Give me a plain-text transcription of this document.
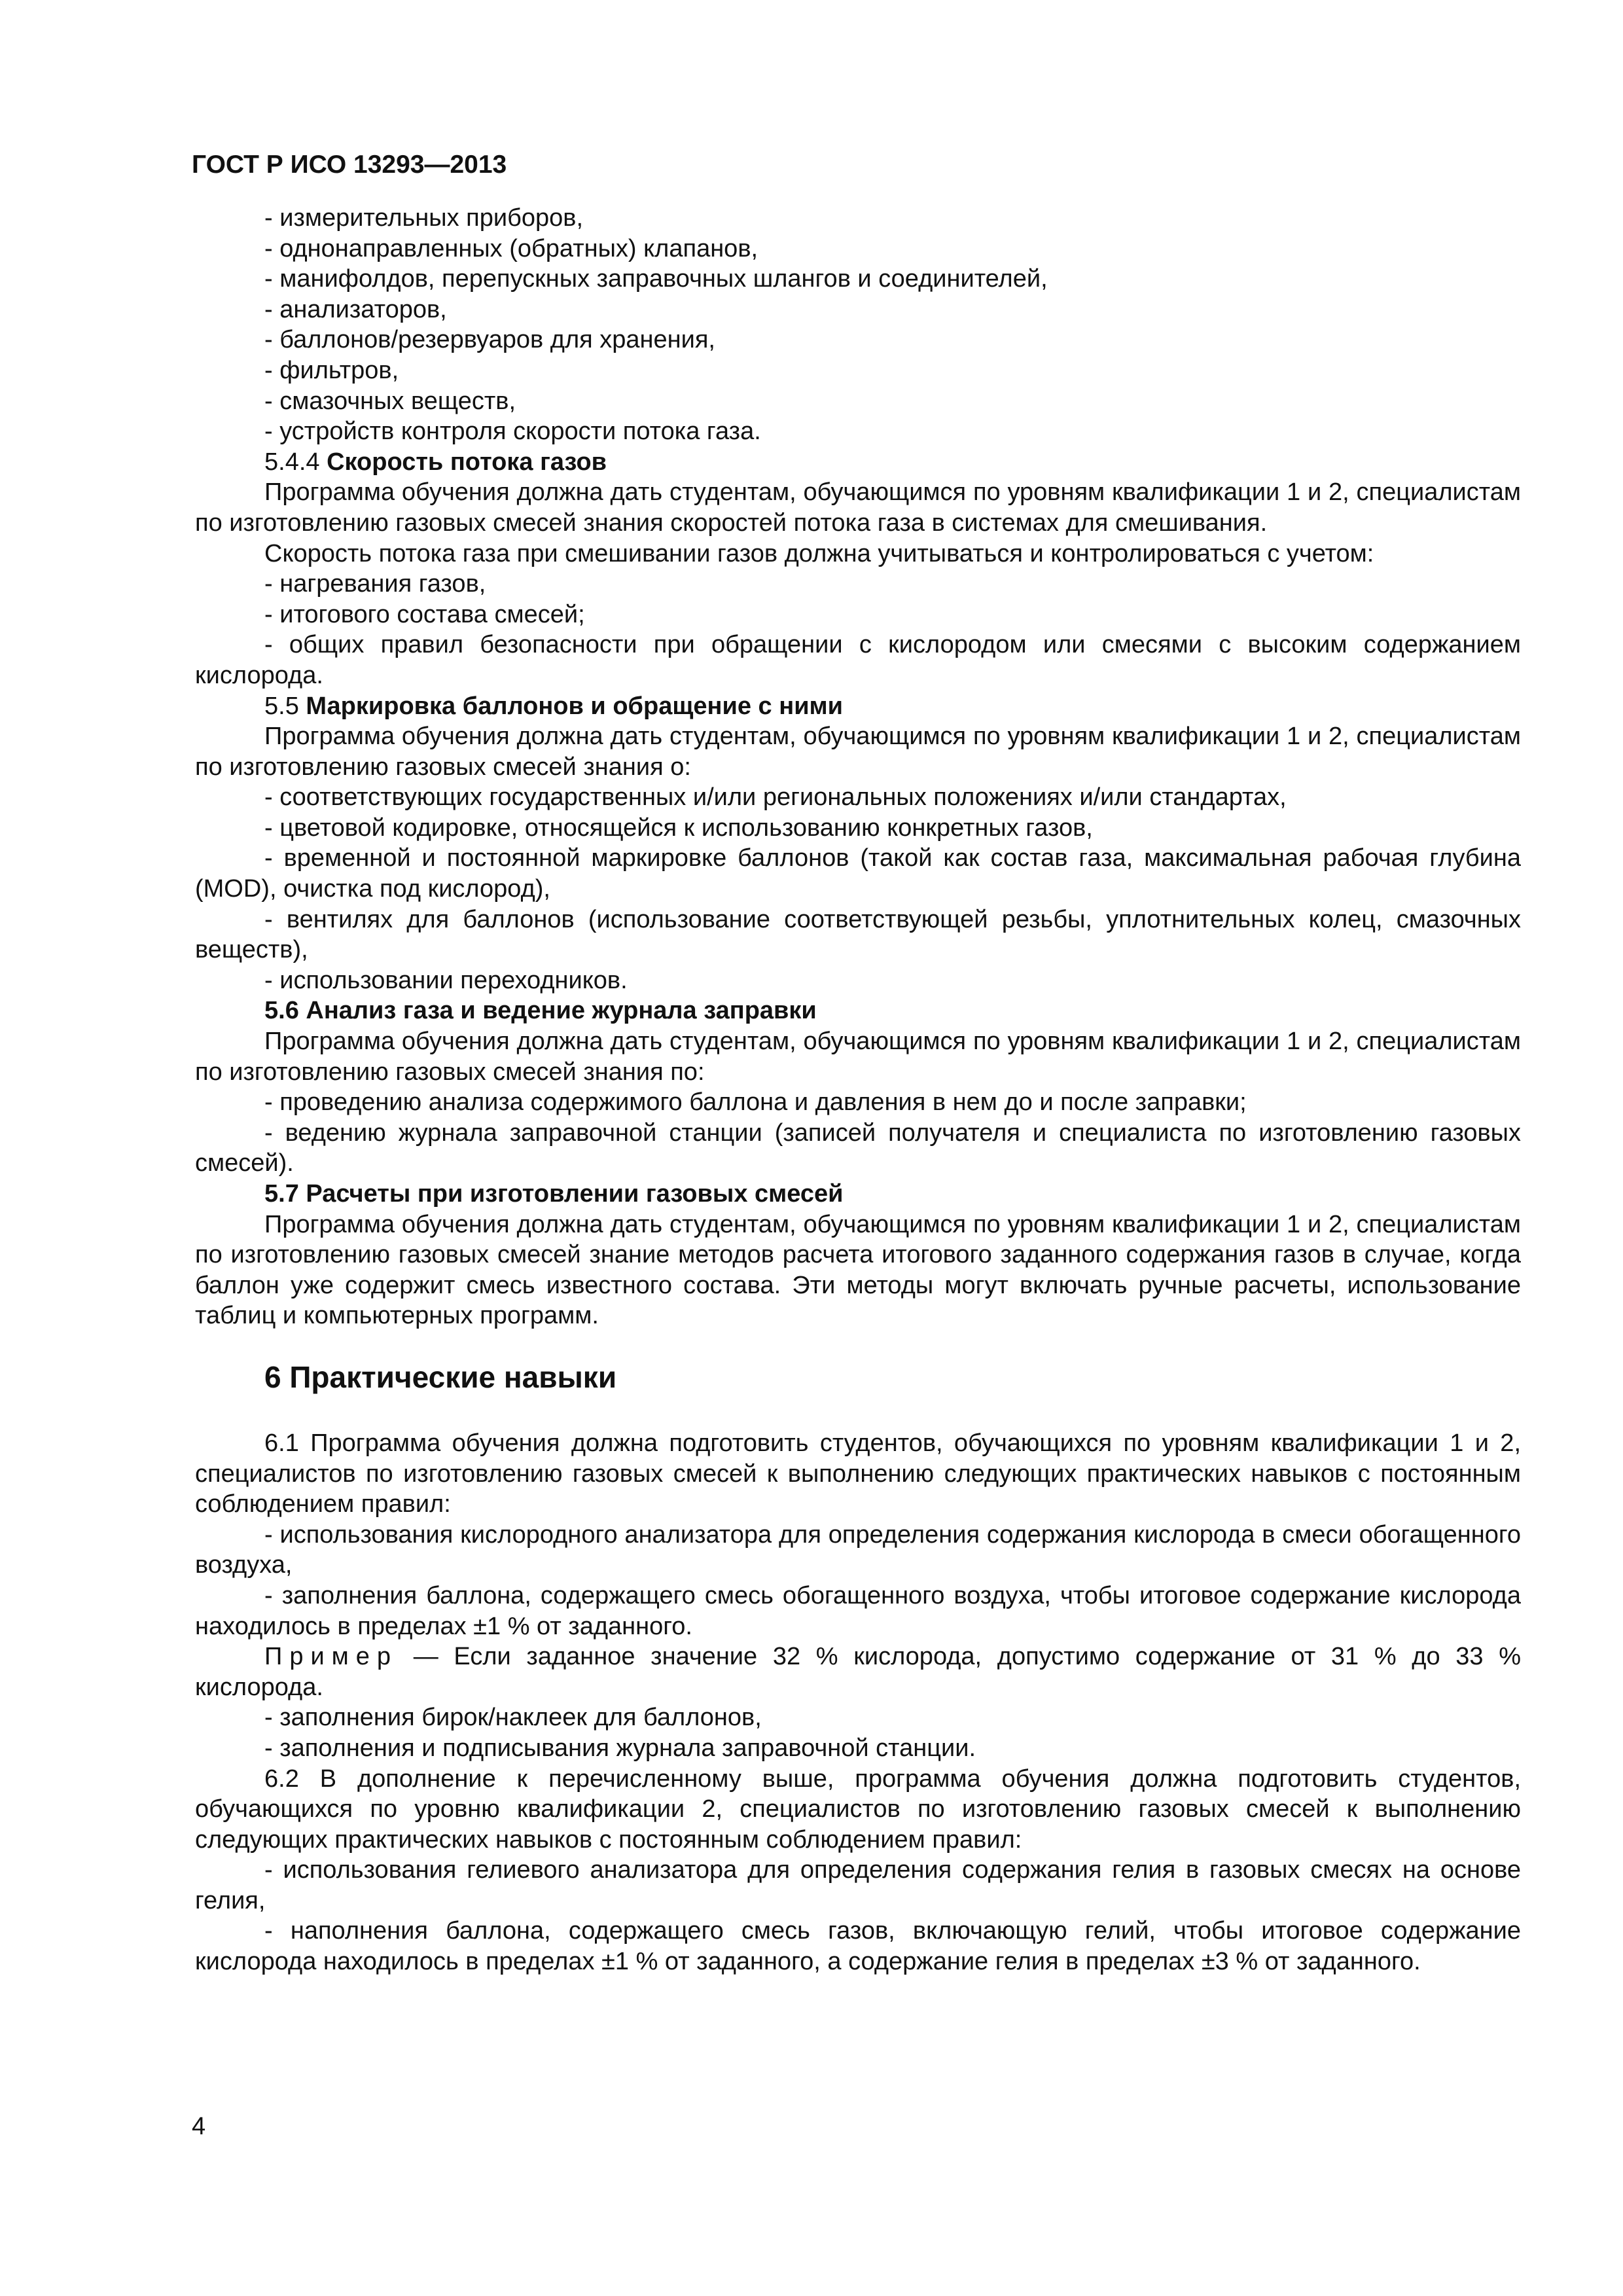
ГОСТ Р ИСО 13293—2013

- измерительных приборов,

- однонаправленных (обратных) клапанов,

- манифолдов, перепускных заправочных шлангов и соединителей,

- анализаторов,

- баллонов/резервуаров для хранения,

- фильтров,

- смазочных веществ,

- устройств контроля скорости потока газа.

5.4.4 Скорость потока газов

Программа обучения должна дать студентам, обучающимся по уровням квалификации 1 и 2, специалистам по изготовлению газовых смесей знания скоростей потока газа в системах для смешивания.

Скорость потока газа при смешивании газов должна учитываться и контролироваться с учетом:

- нагревания газов,

- итогового состава смесей;

- общих правил безопасности при обращении с кислородом или смесями с высоким содержанием кислорода.

5.5 Маркировка баллонов и обращение с ними

Программа обучения должна дать студентам, обучающимся по уровням квалификации 1 и 2, специалистам по изготовлению газовых смесей знания о:

- соответствующих государственных и/или региональных положениях и/или стандартах,

- цветовой кодировке, относящейся к использованию конкретных газов,

- временной и постоянной маркировке баллонов (такой как состав газа, максимальная рабочая глубина (MOD), очистка под кислород),

- вентилях для баллонов (использование соответствующей резьбы, уплотнительных колец, смазочных веществ),

- использовании переходников.

5.6 Анализ газа и ведение журнала заправки

Программа обучения должна дать студентам, обучающимся по уровням квалификации 1 и 2, специалистам по изготовлению газовых смесей знания по:

- проведению анализа содержимого баллона и давления в нем до и после заправки;

- ведению журнала заправочной станции (записей получателя и специалиста по изготовлению газовых смесей).

5.7 Расчеты при изготовлении газовых смесей

Программа обучения должна дать студентам, обучающимся по уровням квалификации 1 и 2, специалистам по изготовлению газовых смесей знание методов расчета итогового заданного содержания газов в случае, когда баллон уже содержит смесь известного состава. Эти методы могут включать ручные расчеты, использование таблиц и компьютерных программ.

6 Практические навыки

6.1 Программа обучения должна подготовить студентов, обучающихся по уровням квалификации 1 и 2, специалистов по изготовлению газовых смесей к выполнению следующих практических навыков с постоянным соблюдением правил:

- использования кислородного анализатора для определения содержания кислорода в смеси обогащенного воздуха,

- заполнения баллона, содержащего смесь обогащенного воздуха, чтобы итоговое содержание кислорода находилось в пределах ±1 % от заданного.

Пример — Если заданное значение 32 % кислорода, допустимо содержание от 31 % до 33 % кислорода.

- заполнения бирок/наклеек для баллонов,

- заполнения и подписывания журнала заправочной станции.

6.2 В дополнение к перечисленному выше, программа обучения должна подготовить студентов, обучающихся по уровню квалификации 2, специалистов по изготовлению газовых смесей к выполнению следующих практических навыков с постоянным соблюдением правил:

- использования гелиевого анализатора для определения содержания гелия в газовых смесях на основе гелия,

- наполнения баллона, содержащего смесь газов, включающую гелий, чтобы итоговое содержание кислорода находилось в пределах ±1 % от заданного, а содержание гелия в пределах ±3 % от заданного.

4
